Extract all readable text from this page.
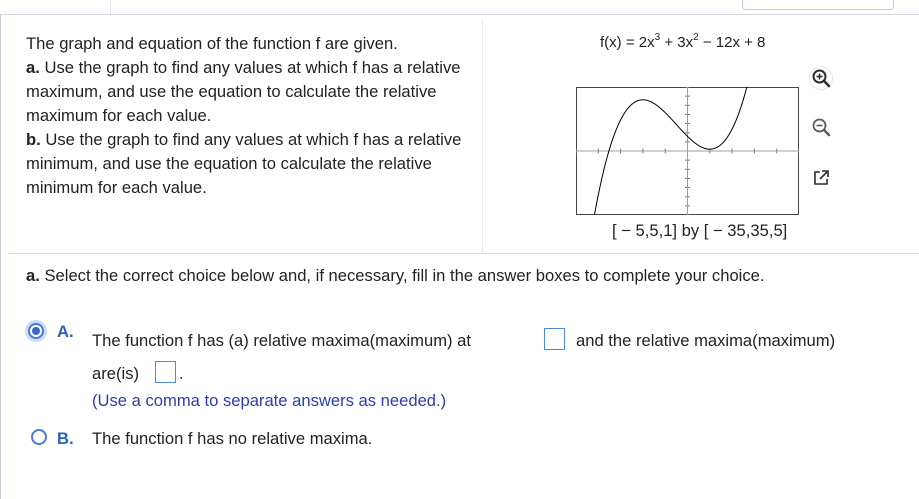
The graph and equation of the function f are given.
a. Use the graph to find any values at which f has a relative maximum, and use the equation to calculate the relative maximum for each value.
b. Use the graph to find any values at which f has a relative minimum, and use the equation to calculate the relative minimum for each value.
$f(x) = 2x^3 + 3x^2 - 12x + 8$
[ − 5,5,1] by [ − 35,35,5]
a. Select the correct choice below and, if necessary, fill in the answer boxes to complete your choice.
A. The function f has (a) relative maxima(maximum) at	and the relative maxima(maximum)
are(is) .
(Use a comma to separate answers as needed.)
B. The function f has no relative maxima.
